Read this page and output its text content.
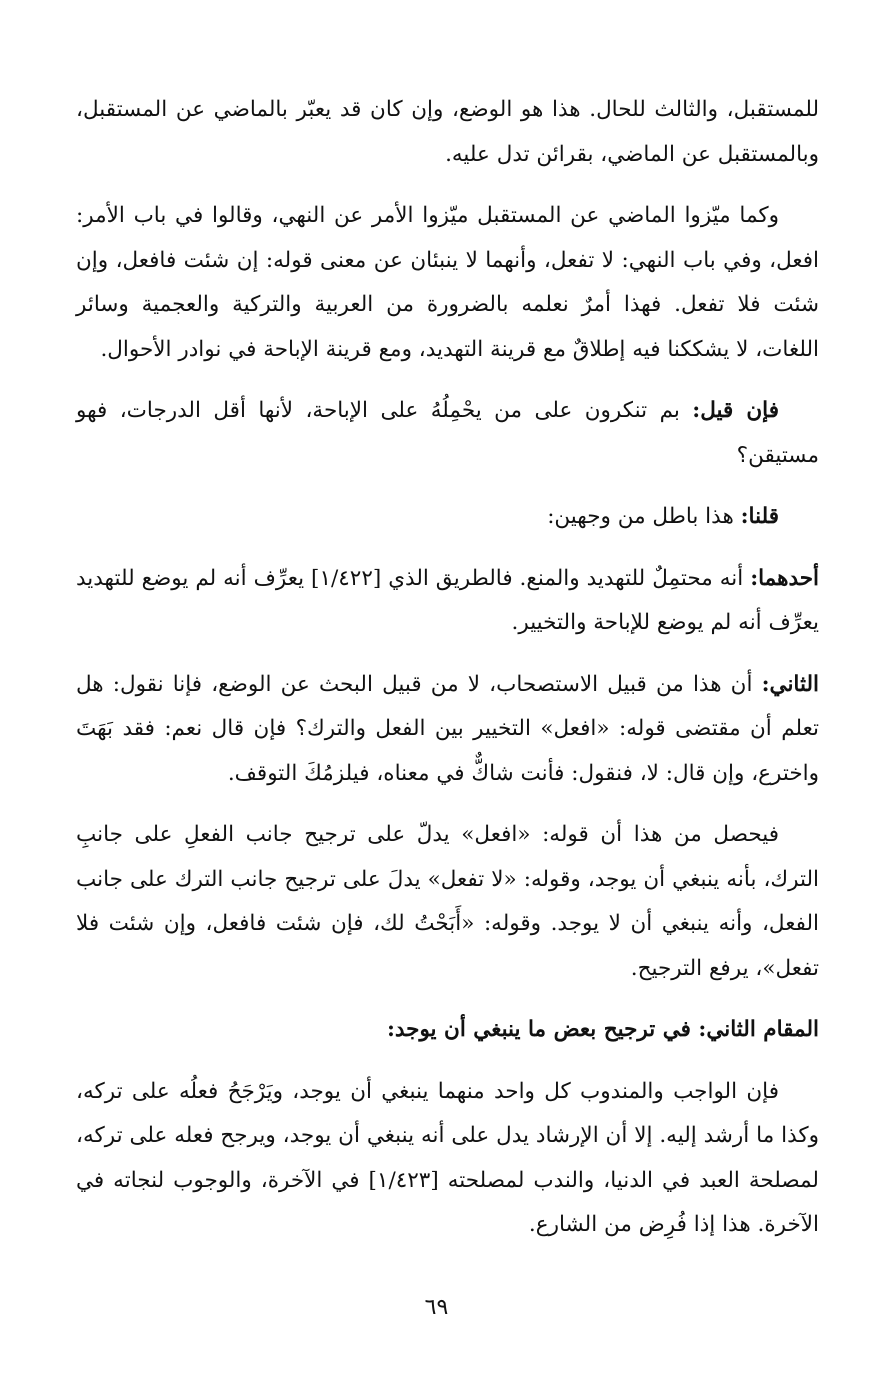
للمستقبل، والثالث للحال. هذا هو الوضع، وإن كان قد يعبّر بالماضي عن المستقبل، وبالمستقبل عن الماضي، بقرائن تدل عليه.

وكما ميّزوا الماضي عن المستقبل ميّزوا الأمر عن النهي، وقالوا في باب الأمر: افعل، وفي باب النهي: لا تفعل، وأنهما لا ينبئان عن معنى قوله: إن شئت فافعل، وإن شئت فلا تفعل. فهذا أمرٌ نعلمه بالضرورة من العربية والتركية والعجمية وسائر اللغات، لا يشككنا فيه إطلاقٌ مع قرينة التهديد، ومع قرينة الإباحة في نوادر الأحوال.

فإن قيل: بم تنكرون على من يحْمِلُهُ على الإباحة، لأنها أقل الدرجات، فهو مستيقن؟

قلنا: هذا باطل من وجهين:

أحدهما: أنه محتمِلٌ للتهديد والمنع. فالطريق الذي [١/٤٢٢] يعرِّف أنه لم يوضع للتهديد يعرِّف أنه لم يوضع للإباحة والتخيير.

الثاني: أن هذا من قبيل الاستصحاب، لا من قبيل البحث عن الوضع، فإنا نقول: هل تعلم أن مقتضى قوله: «افعل» التخيير بين الفعل والترك؟ فإن قال نعم: فقد بَهَتَ واخترع، وإن قال: لا، فنقول: فأنت شاكٌّ في معناه، فيلزمُكَ التوقف.

فيحصل من هذا أن قوله: «افعل» يدلّ على ترجيح جانب الفعلِ على جانبِ الترك، بأنه ينبغي أن يوجد، وقوله: «لا تفعل» يدلَ على ترجيح جانب الترك على جانب الفعل، وأنه ينبغي أن لا يوجد. وقوله: «أَبَحْتُ لك، فإن شئت فافعل، وإن شئت فلا تفعل»، يرفع الترجيح.

المقام الثاني: في ترجيح بعض ما ينبغي أن يوجد:

فإن الواجب والمندوب كل واحد منهما ينبغي أن يوجد، ويَرْجَحُ فعلُه على تركه، وكذا ما أرشد إليه. إلا أن الإرشاد يدل على أنه ينبغي أن يوجد، ويرجح فعله على تركه، لمصلحة العبد في الدنيا، والندب لمصلحته [١/٤٢٣] في الآخرة، والوجوب لنجاته في الآخرة. هذا إذا فُرِض من الشارع.

٦٩
